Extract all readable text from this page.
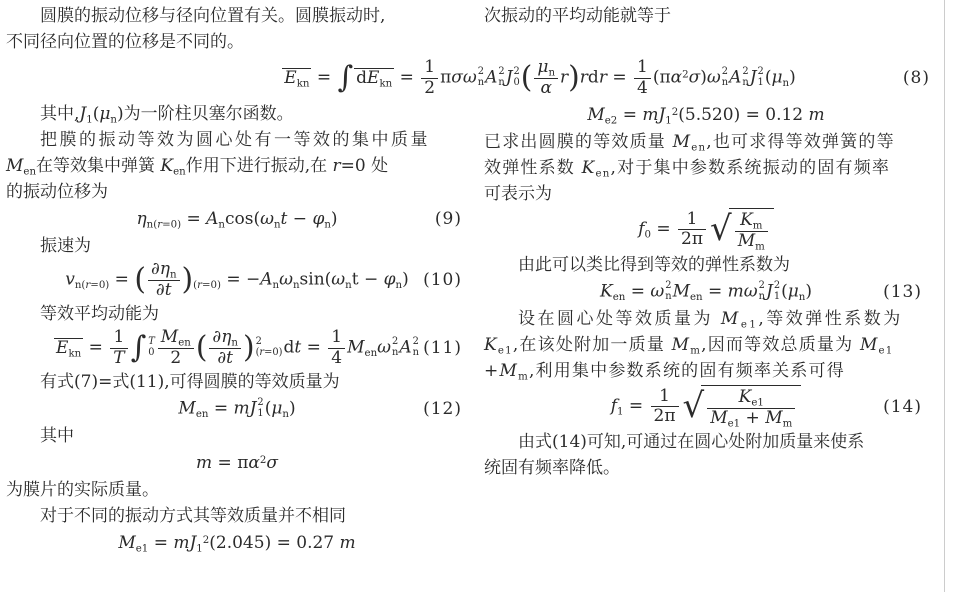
圆膜的振动位移与径向位置有关。圆膜振动时,
不同径向位置的位移是不同的。
次振动的平均动能就等于
$E_{kn}$ = ∫ $dE_{kn} = \frac{1}{2}$ πσω 2
n A 2
n J 2
0 ( $\frac{\mu_n}{\alpha} r)rdr = \frac{1}{4} (\pi\alpha^2\sigma)\omega$ 2
n A 2
n J 2
1 $(\mu_n)$	(8)
其中$,J_1(\mu_n)$为一阶柱贝塞尔函数。
把膜的振动等效为圆心处有一等效的集中质量
$M_{en}$在等效集中弹簧 $K_{en}$作用下进行振动,在 r=0 处
的振动位移为
$\eta_{n(r=0)} = A_n\cos(\omega_nt - \varphi_n)$	(9)
振速为
$v_{n(r=0)}$ = ( $\frac{\partial\eta_n}{\partial t} )_{(r=0)} = -A_n\omega_n\sin(\omega_nt - \varphi_n)$ (10)
等效平均动能为
$E_{kn} = \frac{1}{T}$ ∫ T
0
$M_{en}$
2 ( $\frac{\partial\eta_n}{\partial t}$ ) 2
(r=0) dt = $\frac{1}{4} M_{en}\omega$ 2
n A 2
n (11)
有式(7)=式(11),可得圆膜的等效质量为
$M_{en}$ = mJ 2
1 $(\mu_n)$	(12)
其中
$m = \pi\alpha^2\sigma$
为膜片的实际质量。
对于不同的振动方式其等效质量并不相同
$M_{e1} = mJ_1^2(2.045) = 0.27$ m
$M_{e2} = mJ_1^2(5.520) = 0.12$ m
已求出圆膜的等效质量 $M_{en}$,也可求得等效弹簧的等
效弹性系数 $K_{en}$,对于集中参数系统振动的固有频率
可表示为
$f_0 = \frac{1}{2\pi}$ √ $\frac{K_m}{M_m}$
由此可以类比得到等效的弹性系数为
$K_{en} = \omega$ 2
n $M_{en} = m\omega$ 2
n J 2
1 $(\mu_n)$	(13)
设在圆心处等效质量为 $M_{e1}$,等效弹性系数为
$K_{e1}$,在该处附加一质量 $M_m$,因而等效总质量为 $M_{e1}$
$+M_m$,利用集中参数系统的固有频率关系可得
$f_1 = \frac{1}{2\pi}$ √ $\frac{K_{e1}}{M_{e1} + M_m}$	(14)
由式(14)可知,可通过在圆心处附加质量来使系
统固有频率降低。
